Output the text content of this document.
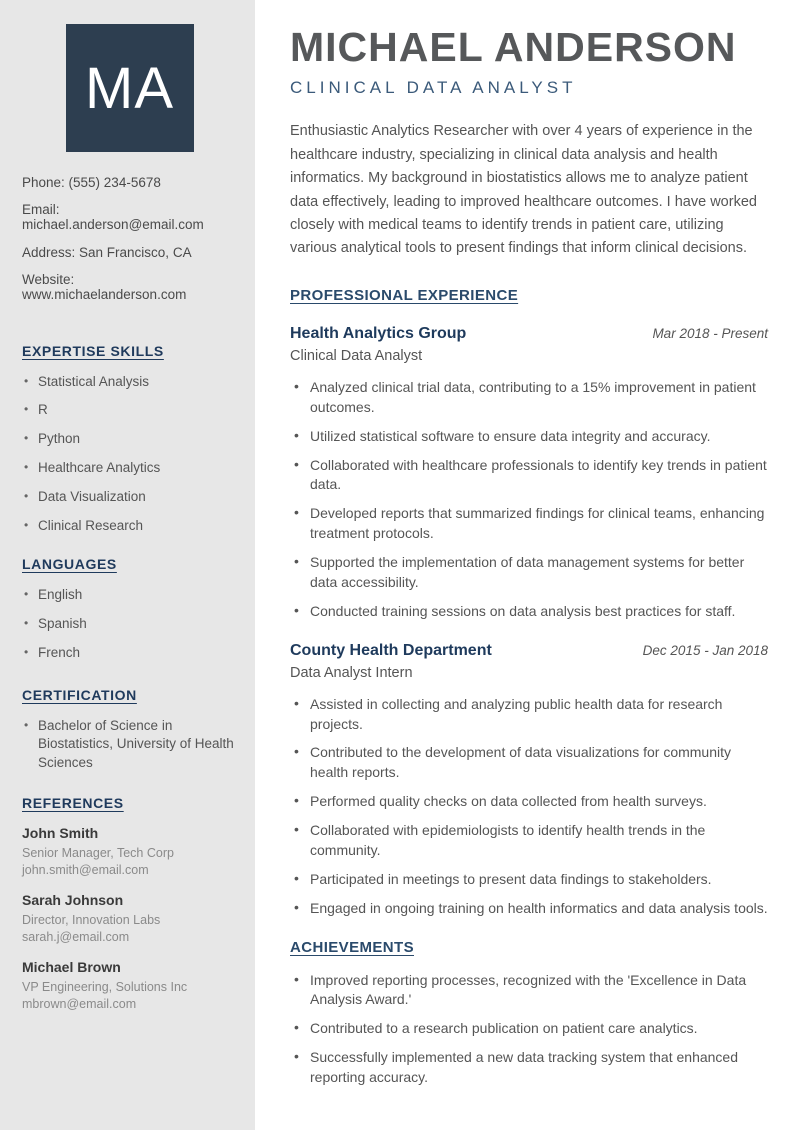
MA
Phone: (555) 234-5678
Email: michael.anderson@email.com
Address: San Francisco, CA
Website: www.michaelanderson.com
EXPERTISE SKILLS
• Statistical Analysis
• R
• Python
• Healthcare Analytics
• Data Visualization
• Clinical Research
LANGUAGES
• English
• Spanish
• French
CERTIFICATION
• Bachelor of Science in Biostatistics, University of Health Sciences
REFERENCES
John Smith
Senior Manager, Tech Corp
john.smith@email.com
Sarah Johnson
Director, Innovation Labs
sarah.j@email.com
Michael Brown
VP Engineering, Solutions Inc
mbrown@email.com
MICHAEL ANDERSON
CLINICAL DATA ANALYST

Enthusiastic Analytics Researcher with over 4 years of experience in the healthcare industry, specializing in clinical data analysis and health informatics. My background in biostatistics allows me to analyze patient data effectively, leading to improved healthcare outcomes. I have worked closely with medical teams to identify trends in patient care, utilizing various analytical tools to present findings that inform clinical decisions.

PROFESSIONAL EXPERIENCE
Health Analytics Group	Mar 2018 - Present
Clinical Data Analyst
• Analyzed clinical trial data, contributing to a 15% improvement in patient outcomes.
• Utilized statistical software to ensure data integrity and accuracy.
• Collaborated with healthcare professionals to identify key trends in patient data.
• Developed reports that summarized findings for clinical teams, enhancing treatment protocols.
• Supported the implementation of data management systems for better data accessibility.
• Conducted training sessions on data analysis best practices for staff.
County Health Department	Dec 2015 - Jan 2018
Data Analyst Intern
• Assisted in collecting and analyzing public health data for research projects.
• Contributed to the development of data visualizations for community health reports.
• Performed quality checks on data collected from health surveys.
• Collaborated with epidemiologists to identify health trends in the community.
• Participated in meetings to present data findings to stakeholders.
• Engaged in ongoing training on health informatics and data analysis tools.
ACHIEVEMENTS
• Improved reporting processes, recognized with the 'Excellence in Data Analysis Award.'
• Contributed to a research publication on patient care analytics.
• Successfully implemented a new data tracking system that enhanced reporting accuracy.
